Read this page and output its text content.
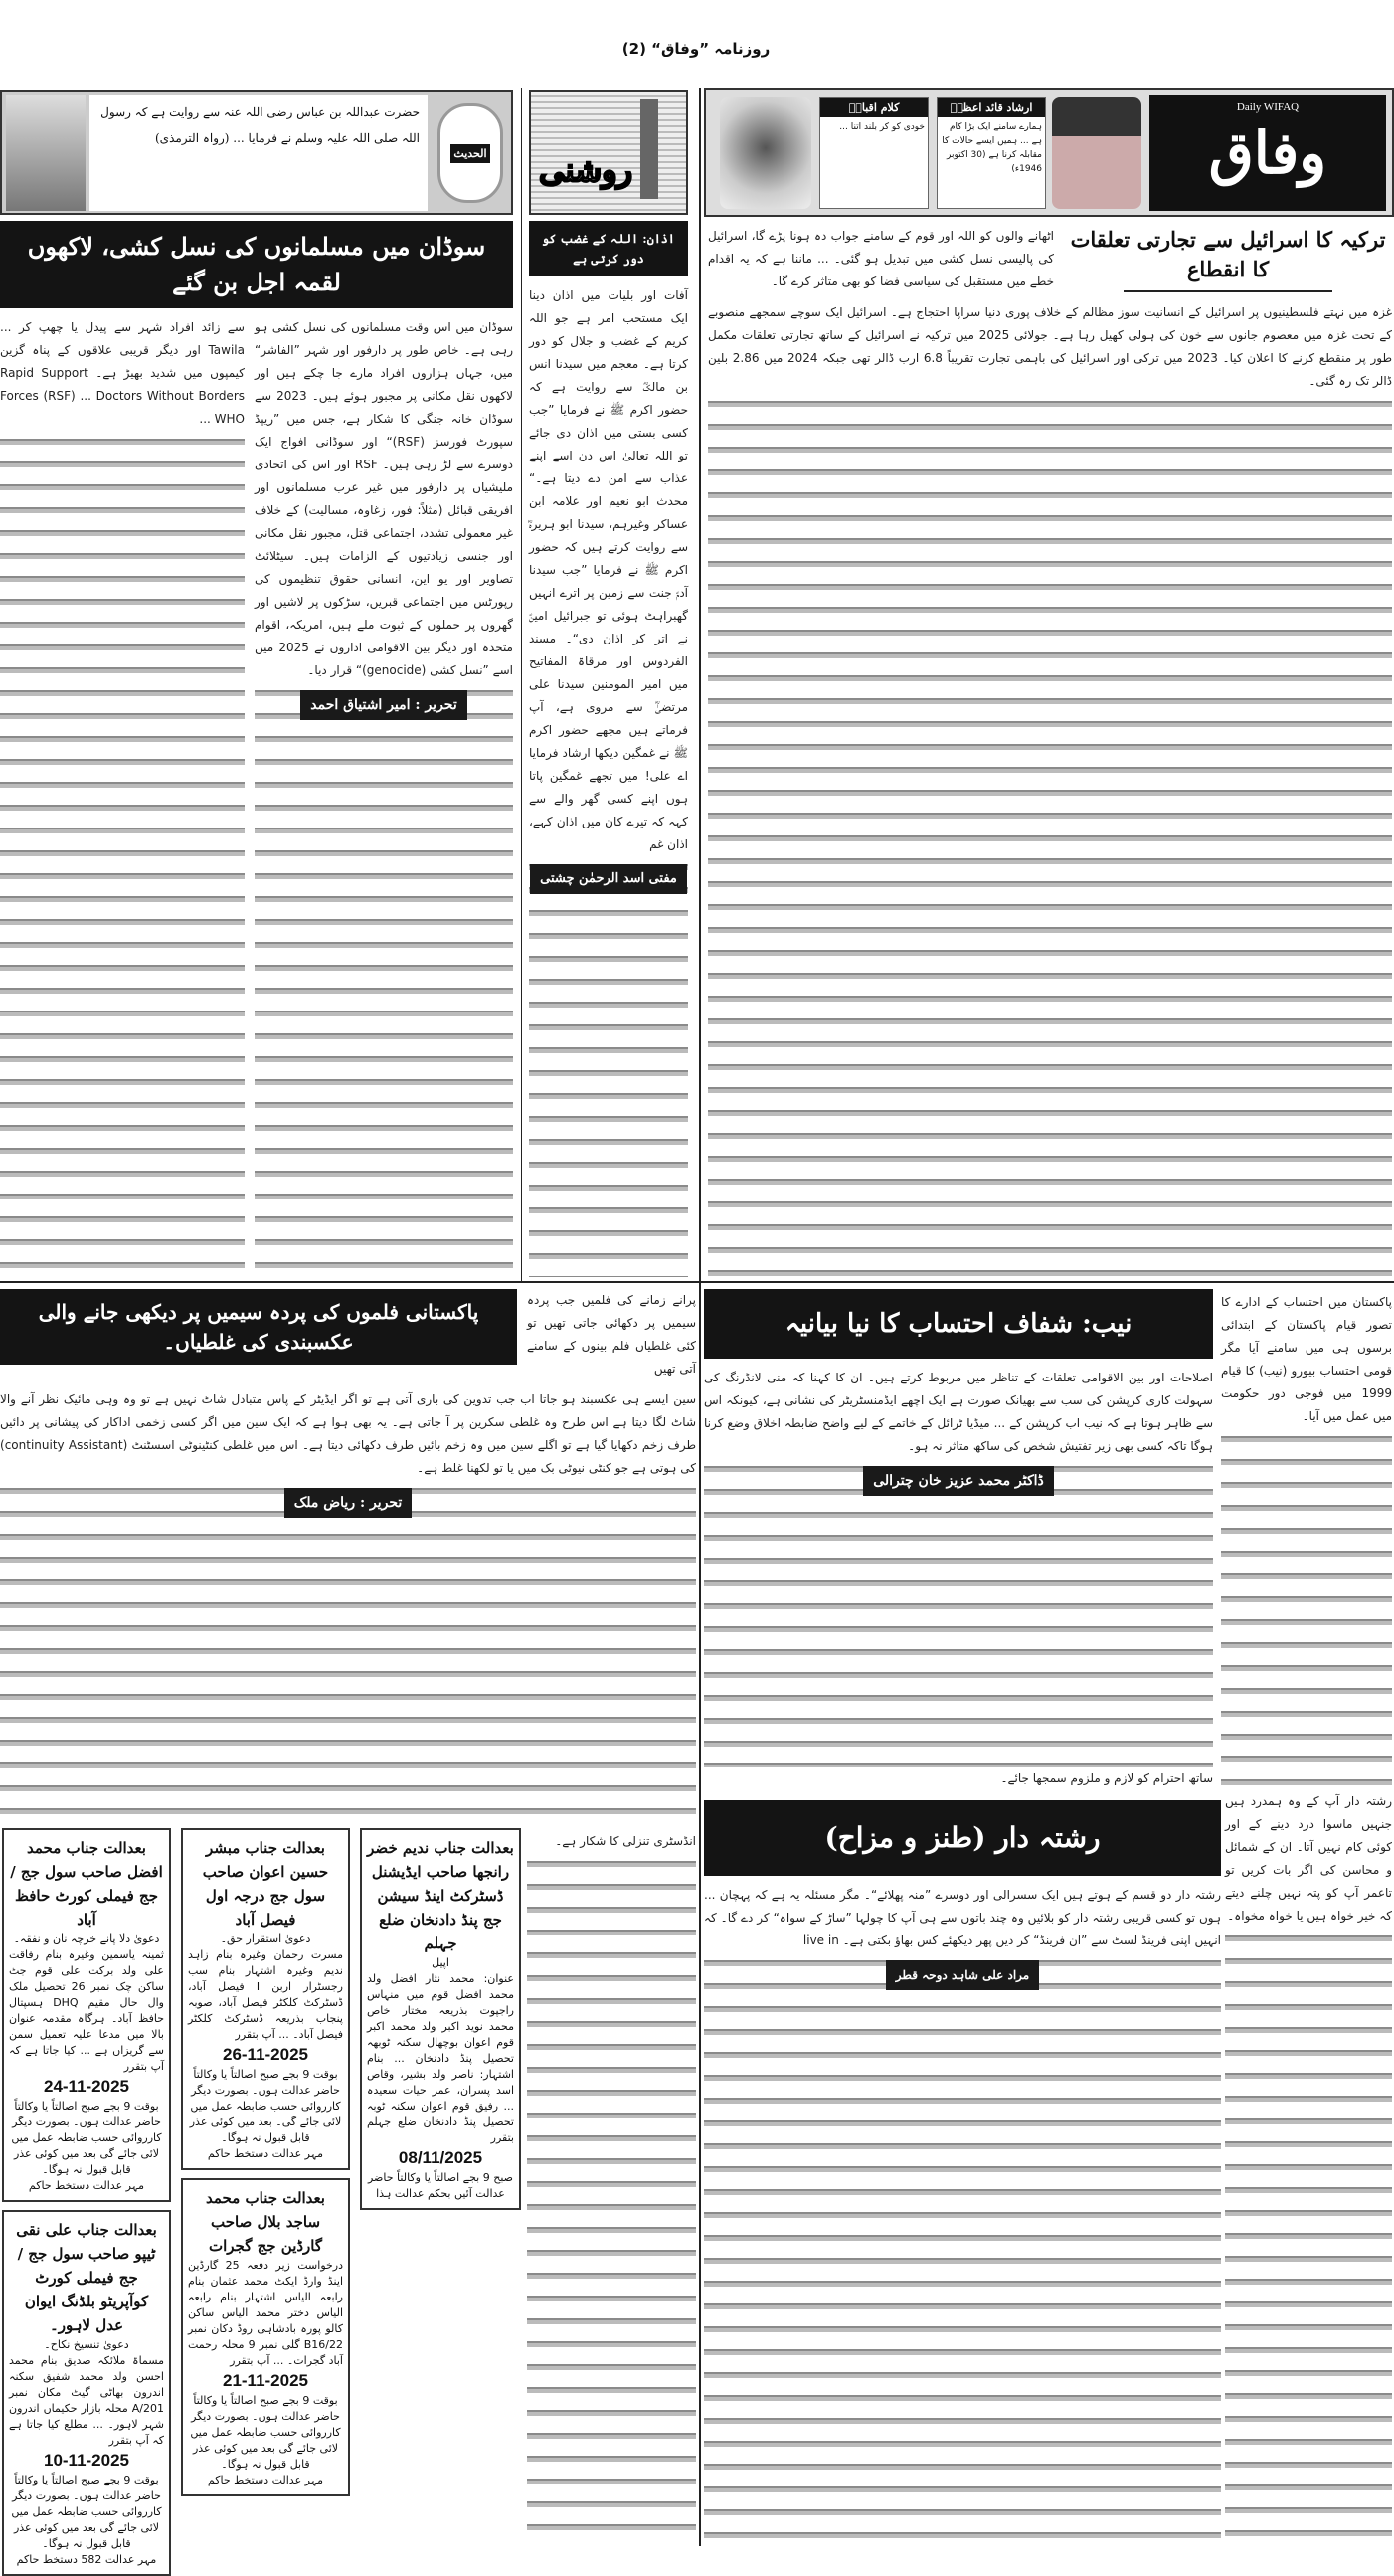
روزنامہ ”وفاق“ (2)
Daily WIFAQ
وفاق
ارشاد قائد اعظمؒ
ہمارے سامنے ایک بڑا کام ہے ... ہمیں ایسے حالات کا مقابلہ کرنا ہے (30 اکتوبر 1946ء)
کلام اقبالؒ
خودی کو کر بلند اتنا ...
روشنی
حضرت عبداللہ بن عباس رضی اللہ عنہ سے روایت ہے کہ رسول اللہ صلی اللہ علیہ وسلم نے فرمایا ... (رواہ الترمذی)
الحدیث
سوڈان میں مسلمانوں کی نسل کشی، لاکھوں لقمہ اجل بن گئے

سوڈان میں اس وقت مسلمانوں کی نسل کشی ہو رہی ہے۔ خاص طور پر دارفور اور شہر ”الفاشر“ میں، جہاں ہزاروں افراد مارے جا چکے ہیں اور لاکھوں نقل مکانی پر مجبور ہوئے ہیں۔ 2023 سے سوڈان خانہ جنگی کا شکار ہے، جس میں ”ریپڈ سپورٹ فورسز (RSF)“ اور سوڈانی افواج ایک دوسرے سے لڑ رہی ہیں۔ RSF اور اس کی اتحادی ملیشیاں پر دارفور میں غیر عرب مسلمانوں اور افریقی قبائل (مثلاً: فور، زغاوہ، مسالیت) کے خلاف غیر معمولی تشدد، اجتماعی قتل، مجبور نقل مکانی اور جنسی زیادتیوں کے الزامات ہیں۔ سیٹلائٹ تصاویر اور یو این، انسانی حقوق تنظیموں کی رپورٹس میں اجتماعی قبریں، سڑکوں پر لاشیں اور گھروں پر حملوں کے ثبوت ملے ہیں، امریکہ، اقوام متحدہ اور دیگر بین الاقوامی اداروں نے 2025 میں اسے ”نسل کشی (genocide)“ قرار دیا۔

تحریر : امیر اشتیاق احمد

سے زائد افراد شہر سے پیدل یا چھپ کر ... Tawila اور دیگر قریبی علاقوں کے پناہ گزین کیمپوں میں شدید بھیڑ ہے۔ Rapid Support Forces (RSF) ... Doctors Without Borders ... WHO

اذان: اللہ کے غضب کو دور کرتی ہے

آفات اور بلیات میں اذان دینا ایک مستحب امر ہے جو اللہ کریم کے غضب و جلال کو دور کرتا ہے۔ معجم میں سیدنا انس بن مالکؓ سے روایت ہے کہ حضور اکرم ﷺ نے فرمایا ”جب کسی بستی میں اذان دی جائے تو اللہ تعالیٰ اس دن اسے اپنے عذاب سے امن دے دیتا ہے۔“ محدث ابو نعیم اور علامہ ابن عساکر وغیرہم، سیدنا ابو ہریرہؓ سے روایت کرتے ہیں کہ حضور اکرم ﷺ نے فرمایا ”جب سیدنا آدمؑ جنت سے زمین پر اترے انہیں گھبراہٹ ہوئی تو جبرائیل امینؑ نے اتر کر اذان دی“۔ مسند الفردوس اور مرقاۃ المفاتیح میں امیر المومنین سیدنا علی مرتضیٰؓ سے مروی ہے، آپ فرماتے ہیں مجھے حضور اکرم ﷺ نے غمگین دیکھا ارشاد فرمایا اے علی! میں تجھے غمگین پاتا ہوں اپنے کسی گھر والے سے کہہ کہ تیرے کان میں اذان کہے، اذان غم

مفتی اسد الرحمٰن چشتی
ترکیہ کا اسرائیل سے تجارتی تعلقات کا انقطاع

اٹھانے والوں کو اللہ اور قوم کے سامنے جواب دہ ہونا پڑے گا، اسرائیل کی پالیسی نسل کشی میں تبدیل ہو گئی۔ ... ماننا ہے کہ یہ اقدام خطے میں مستقبل کی سیاسی فضا کو بھی متاثر کرے گا۔

غزہ میں نہتے فلسطینیوں پر اسرائیل کے انسانیت سوز مظالم کے خلاف پوری دنیا سراپا احتجاج ہے۔ اسرائیل ایک سوچے سمجھے منصوبے کے تحت غزہ میں معصوم جانوں سے خون کی ہولی کھیل رہا ہے۔ جولائی 2025 میں ترکیہ نے اسرائیل کے ساتھ تجارتی تعلقات مکمل طور پر منقطع کرنے کا اعلان کیا۔ 2023 میں ترکی اور اسرائیل کی باہمی تجارت تقریباً 6.8 ارب ڈالر تھی جبکہ 2024 میں 2.86 بلین ڈالر تک رہ گئی۔

پرانے زمانے کی فلمیں جب پردہ سیمیں پر دکھائی جاتی تھیں تو کئی غلطیاں فلم بینوں کے سامنے آتی تھیں

پاکستانی فلموں کی پردہ سیمیں پر دیکھی جانے والی عکسبندی کی غلطیاں۔

سین ایسے ہی عکسبند ہو جاتا اب جب تدوین کی باری آتی ہے تو اگر ایڈیٹر کے پاس متبادل شاٹ نہیں ہے تو وہ وہی مائیک نظر آنے والا شاٹ لگا دیتا ہے اس طرح وہ غلطی سکرین پر آ جاتی ہے۔ یہ بھی ہوا ہے کہ ایک سین میں اگر کسی زخمی اداکار کی پیشانی پر دائیں طرف زخم دکھایا گیا ہے تو اگلے سین میں وہ زخم بائیں طرف دکھائی دیتا ہے۔ اس میں غلطی کنٹینوٹی اسسٹنٹ (continuity Assistant) کی ہوتی ہے جو کنٹی نیوٹی بک میں یا تو لکھنا غلط ہے۔

تحریر : ریاض ملک

انڈسٹری تنزلی کا شکار ہے۔

نیب: شفاف احتساب کا نیا بیانیہ

اصلاحات اور بین الاقوامی تعلقات کے تناظر میں مربوط کرتے ہیں۔ ان کا کہنا کہ منی لانڈرنگ کی سہولت کاری کرپشن کی سب سے بھیانک صورت ہے ایک اچھے ایڈمنسٹریٹر کی نشانی ہے، کیونکہ اس سے ظاہر ہوتا ہے کہ نیب اب کرپشن کے ... میڈیا ٹرائل کے خاتمے کے لیے واضح ضابطہ اخلاق وضع کرنا ہوگا تاکہ کسی بھی زیر تفتیش شخص کی ساکھ متاثر نہ ہو۔

ڈاکٹر محمد عزیز خان چترالی

ساتھ احترام کو لازم و ملزوم سمجھا جائے۔

پاکستان میں احتساب کے ادارے کا تصور قیام پاکستان کے ابتدائی برسوں ہی میں سامنے آیا مگر قومی احتساب بیورو (نیب) کا قیام 1999 میں فوجی دور حکومت میں عمل میں آیا۔

رشتہ دار (طنز و مزاح)

رشتہ دار دو قسم کے ہوتے ہیں ایک سسرالی اور دوسرے ”منہ پھلائے“۔ مگر مسئلہ یہ ہے کہ پہچان ... ہوں تو کسی قریبی رشتہ دار کو بلائیں وہ چند باتوں سے ہی آپ کا چولہا ”ساڑ کے سواہ“ کر دے گا۔ کہ انہیں اپنی فرینڈ لسٹ سے ”ان فرینڈ“ کر دیں پھر دیکھئے کس بھاؤ بکتی ہے۔ live in

مراد علی شاہد دوحہ قطر

رشتہ دار آپ کے وہ ہمدرد ہیں جنہیں ماسوا درد دینے کے اور کوئی کام نہیں آتا۔ ان کے شمائل و محاسن کی اگر بات کریں تو تاعمر آپ کو پتہ نہیں چلنے دیتے کہ خیر خواہ ہیں یا خواہ مخواہ۔

بعدالت جناب محمد افضل صاحب سول جج / جج فیملی کورٹ حافظ آباد
دعویٰ دلا پانے خرچہ نان و نفقہ۔
ثمینہ یاسمین وغیرہ بنام رفاقت علی ولد برکت علی قوم جٹ ساکن چک نمبر 26 تحصیل ملک وال حال مقیم DHQ ہسپتال حافظ آباد۔ ہرگاہ مقدمہ عنوان بالا میں مدعا علیہ تعمیل سمن سے گریزاں ہے ... کیا جاتا ہے کہ آپ بتقرر
24-11-2025
بوقت 9 بجے صبح اصالتاً یا وکالتاً حاضر عدالت ہوں۔ بصورت دیگر کارروائی حسب ضابطہ عمل میں لائی جائے گی بعد میں کوئی عذر قابل قبول نہ ہوگا۔
مہر عدالت دستخط حاکم
بعدالت جناب علی نقی ٹیپو صاحب سول جج / جج فیملی کورٹ کوآپریٹو بلڈنگ ایوان عدل لاہور۔
دعویٰ تنسیخ نکاح۔
مسماۃ ملائکہ صدیق بنام محمد احسن ولد محمد شفیق سکنہ اندرون بھاٹی گیٹ مکان نمبر 201/A محلہ بازار حکیماں اندرون شہر لاہور۔ ... مطلع کیا جاتا ہے کہ آپ بتقرر
10-11-2025
بوقت 9 بجے صبح اصالتاً یا وکالتاً حاضر عدالت ہوں۔ بصورت دیگر کارروائی حسب ضابطہ عمل میں لائی جائے گی بعد میں کوئی عذر قابل قبول نہ ہوگا۔
مہر عدالت 582 دستخط حاکم
بعدالت جناب مبشر حسین اعوان صاحب سول جج درجہ اول فیصل آباد
دعویٰ استقرار حق۔
مسرت رحمان وغیرہ بنام زاہد ندیم وغیرہ اشتہار بنام سب رجسٹرار اربن I فیصل آباد، ڈسٹرکٹ کلکٹر فیصل آباد، صوبہ پنجاب بذریعہ ڈسٹرکٹ کلکٹر فیصل آباد۔ ... آپ بتقرر
26-11-2025
بوقت 9 بجے صبح اصالتاً یا وکالتاً حاضر عدالت ہوں۔ بصورت دیگر کارروائی حسب ضابطہ عمل میں لائی جائے گی۔ بعد میں کوئی عذر قابل قبول نہ ہوگا۔
مہر عدالت دستخط حاکم
بعدالت جناب محمد ساجد بلال صاحب گارڈین جج گجرات
درخواست زیر دفعہ 25 گارڈین اینڈ وارڈ ایکٹ محمد عثمان بنام رابعہ الیاس اشتہار بنام رابعہ الیاس دختر محمد الیاس ساکن کالو پورہ بادشاہی روڈ دکان نمبر B16/22 گلی نمبر 9 محلہ رحمت آباد گجرات۔ ... آپ بتقرر
21-11-2025
بوقت 9 بجے صبح اصالتاً یا وکالتاً حاضر عدالت ہوں۔ بصورت دیگر کارروائی حسب ضابطہ عمل میں لائی جائے گی بعد میں کوئی عذر قابل قبول نہ ہوگا۔
مہر عدالت دستخط حاکم
بعدالت جناب ندیم خضر رانجھا صاحب ایڈیشنل ڈسٹرکٹ اینڈ سیشن جج پنڈ دادنخان ضلع جہلم
اپیل
عنوان: محمد نثار افضل ولد محمد افضل قوم میں منہاس راجپوت بذریعہ مختار خاص محمد نوید اکبر ولد محمد اکبر قوم اعوان بوچھال سکنہ ٹوبھہ تحصیل پنڈ دادنخان ... بنام اشتہار: ناصر ولد بشیر، وقاص اسد پسران، عمر حیات سعیدہ ... رفیق قوم اعوان سکنہ ٹوبہ تحصیل پنڈ دادنخان ضلع جہلم بتقرر
08/11/2025
صبح 9 بجے اصالتاً یا وکالتاً حاضر عدالت آئیں بحکم عدالت ہذا
